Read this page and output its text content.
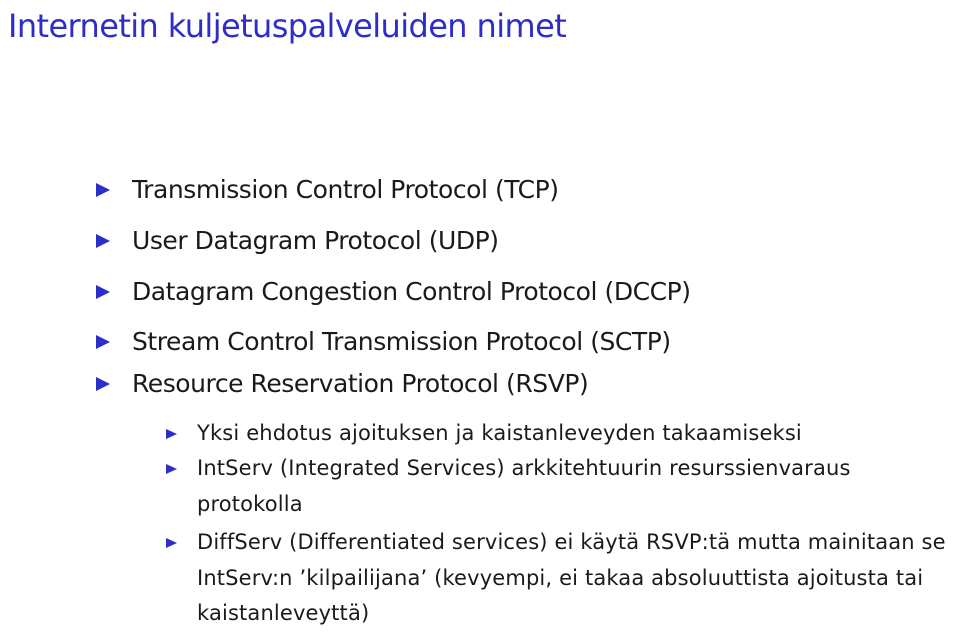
Internetin kuljetuspalveluiden nimet
Transmission Control Protocol (TCP)
User Datagram Protocol (UDP)
Datagram Congestion Control Protocol (DCCP)
Stream Control Transmission Protocol (SCTP)
Resource Reservation Protocol (RSVP)
Yksi ehdotus ajoituksen ja kaistanleveyden takaamiseksi
IntServ (Integrated Services) arkkitehtuurin resurssienvaraus protokolla
DiffServ (Differentiated services) ei käytä RSVP:tä mutta mainitaan se IntServ:n ’kilpailijana’ (kevyempi, ei takaa absoluuttista ajoitusta tai kaistanleveyttä)
